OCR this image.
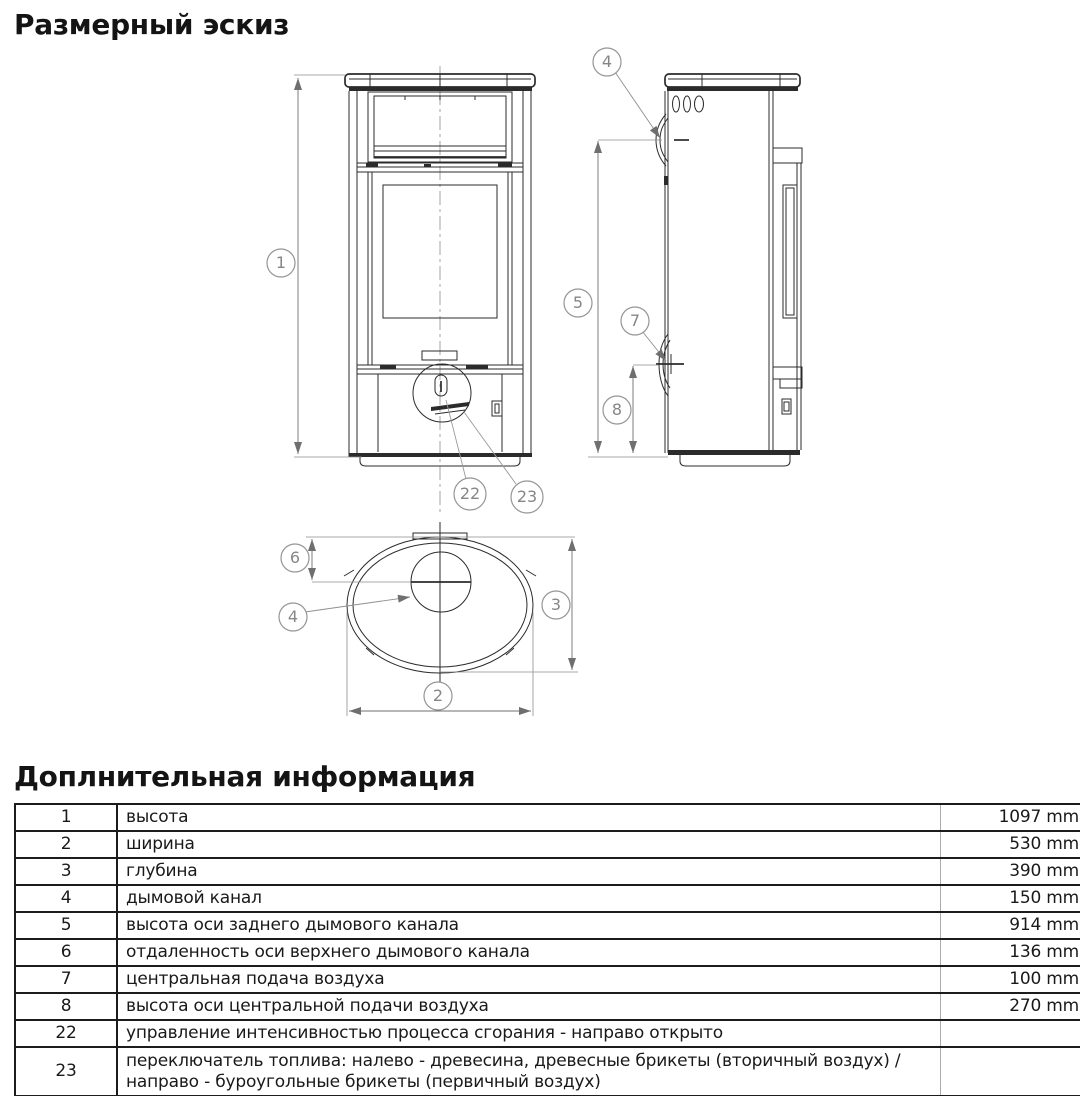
Размерный эскиз
1
22 23
4
5
7
8
6
4
3
2
Доплнительная информация
1	высота	1097 mm
2	ширина	530 mm
3	глубина	390 mm
4	дымовой канал	150 mm
5	высота оси заднего дымового канала	914 mm
6	отдаленность оси верхнего дымового канала	136 mm
7	центральная подача воздуха	100 mm
8	высота оси центральной подачи воздуха	270 mm
22	управление интенсивностью процесса сгорания - направо открыто	
23	переключатель топлива: налево - древесина, древесные брикеты (вторичный воздух) / направо - буроугольные брикеты (первичный воздух)	
